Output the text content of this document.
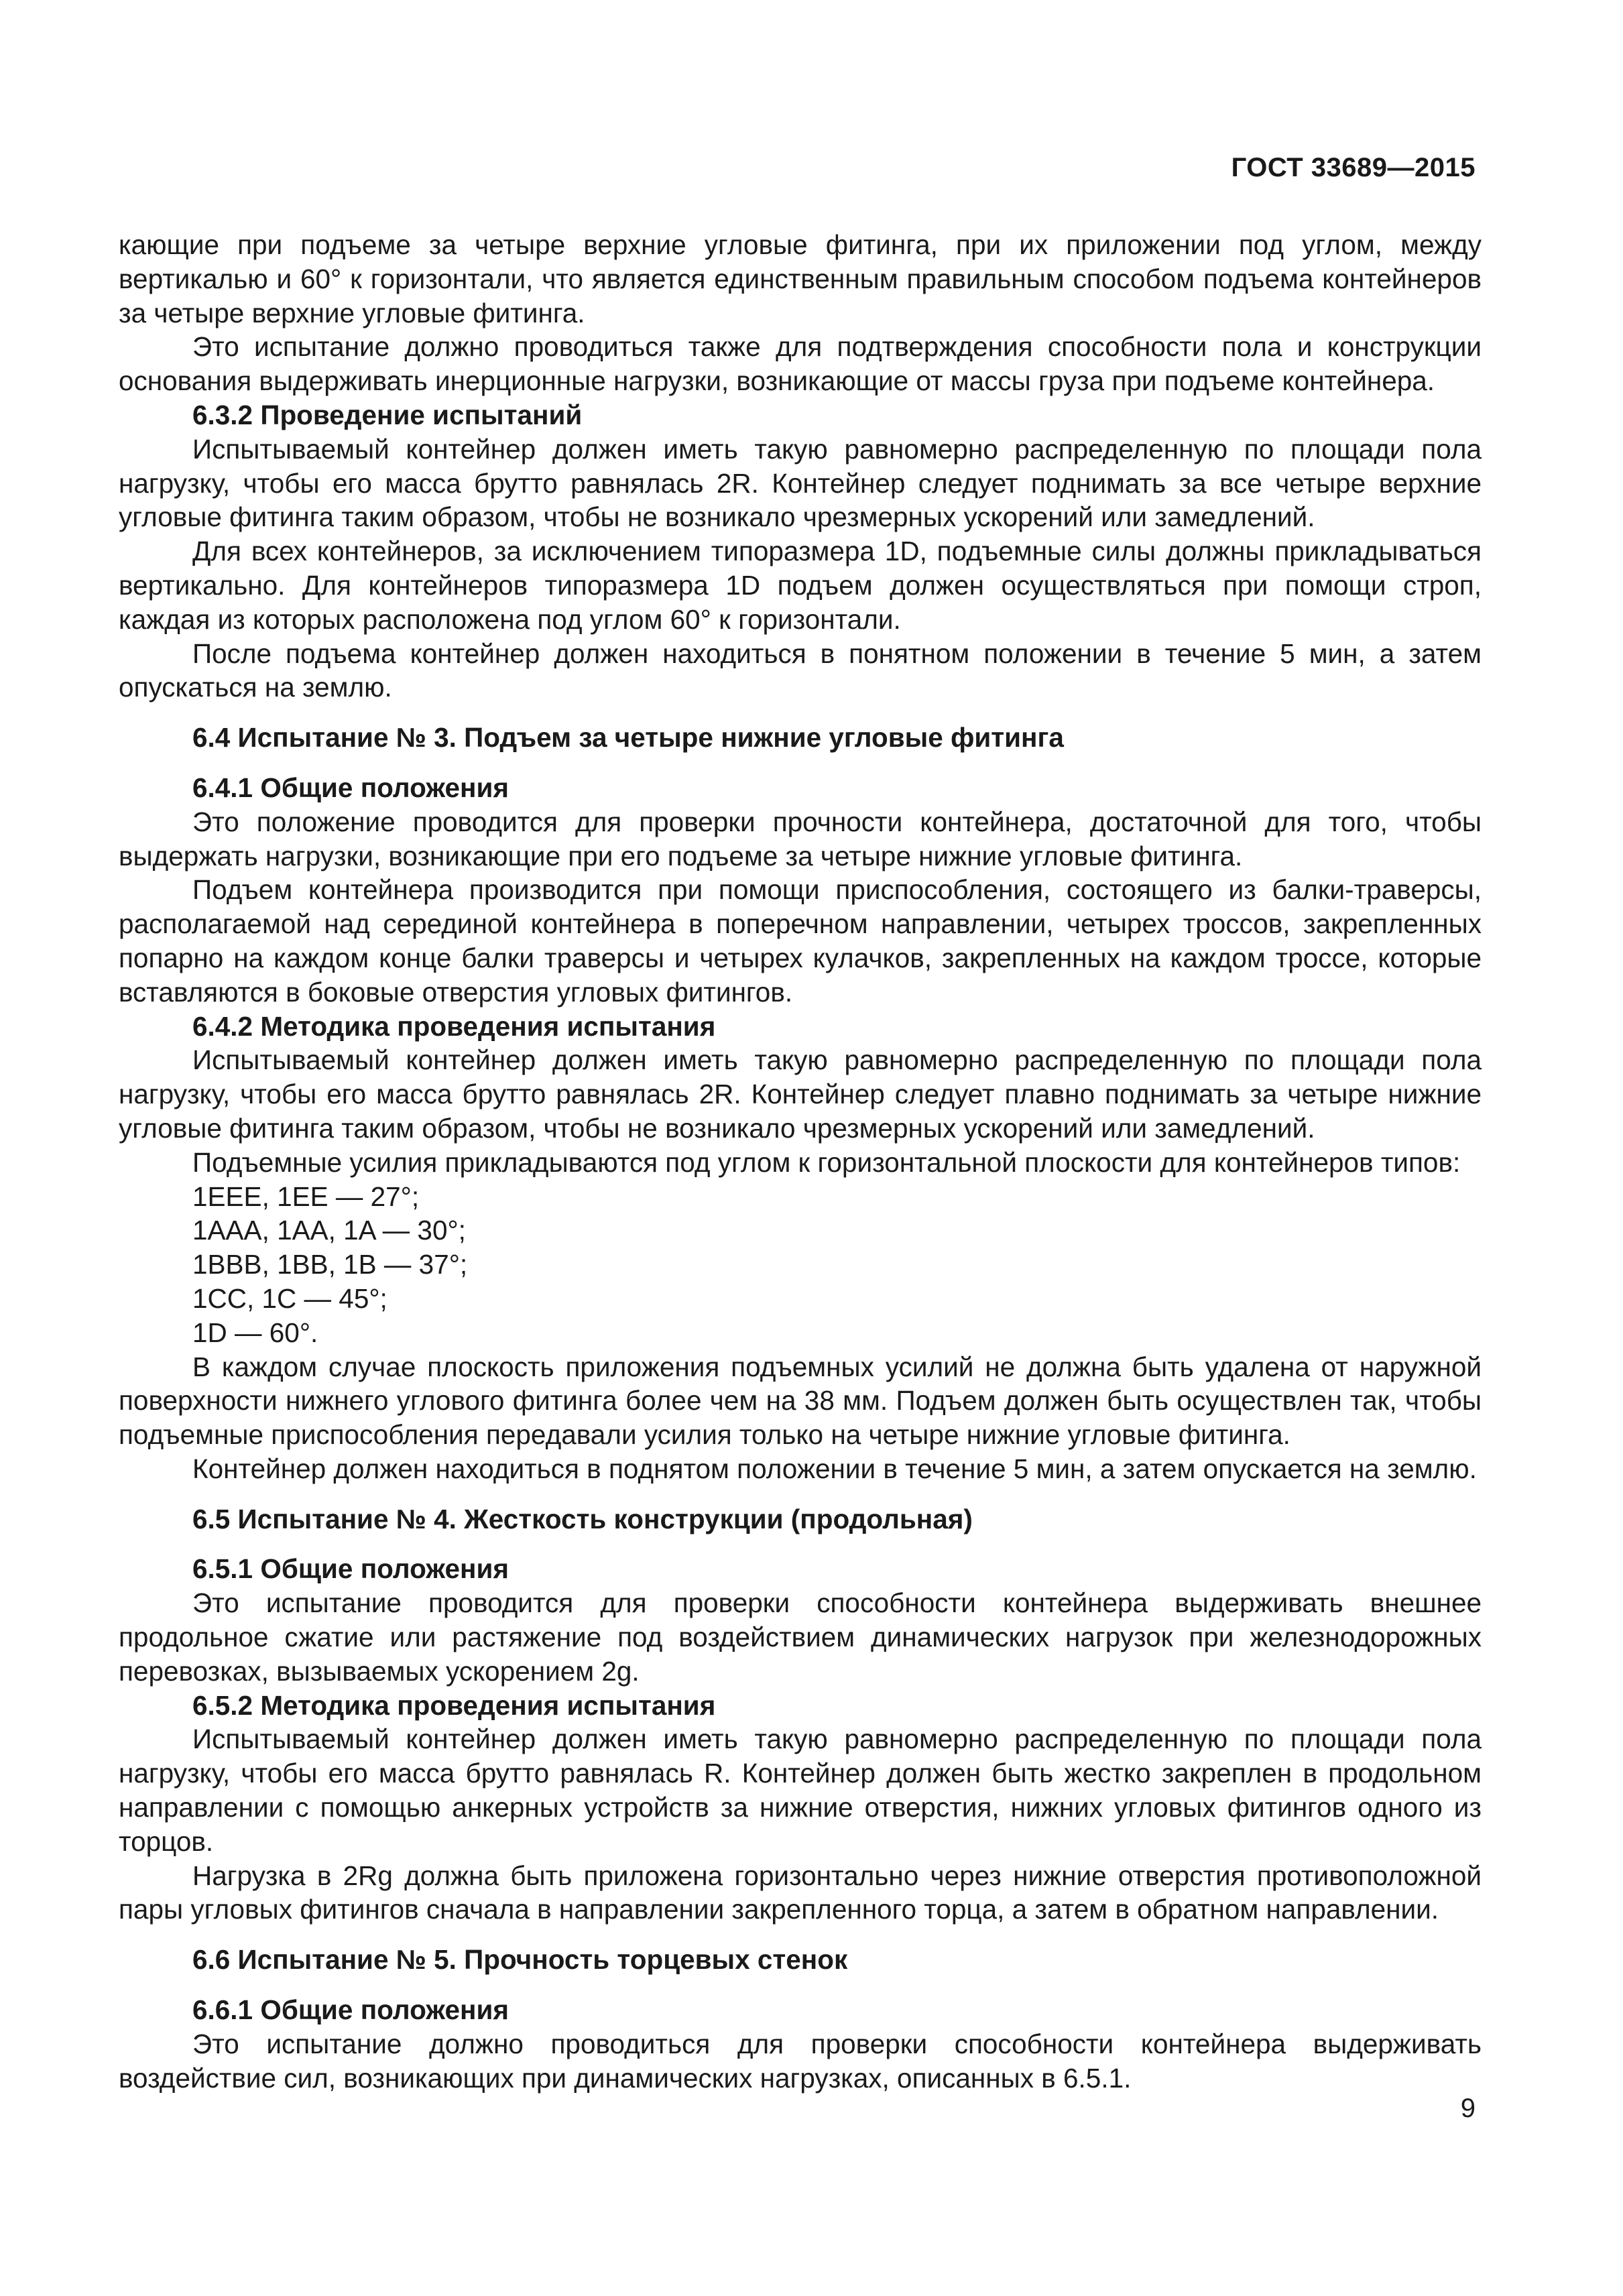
ГОСТ 33689—2015

кающие при подъеме за четыре верхние угловые фитинга, при их приложении под углом, между вертикалью и 60° к горизонтали, что является единственным правильным способом подъема контейнеров за четыре верхние угловые фитинга.

Это испытание должно проводиться также для подтверждения способности пола и конструкции основания выдерживать инерционные нагрузки, возникающие от массы груза при подъеме контейнера.

6.3.2 Проведение испытаний

Испытываемый контейнер должен иметь такую равномерно распределенную по площади пола нагрузку, чтобы его масса брутто равнялась 2R. Контейнер следует поднимать за все четыре верхние угловые фитинга таким образом, чтобы не возникало чрезмерных ускорений или замедлений.

Для всех контейнеров, за исключением типоразмера 1D, подъемные силы должны прикладываться вертикально. Для контейнеров типоразмера 1D подъем должен осуществляться при помощи строп, каждая из которых расположена под углом 60° к горизонтали.

После подъема контейнер должен находиться в понятном положении в течение 5 мин, а затем опускаться на землю.

6.4 Испытание № 3. Подъем за четыре нижние угловые фитинга

6.4.1 Общие положения

Это положение проводится для проверки прочности контейнера, достаточной для того, чтобы выдержать нагрузки, возникающие при его подъеме за четыре нижние угловые фитинга.

Подъем контейнера производится при помощи приспособления, состоящего из балки-траверсы, располагаемой над серединой контейнера в поперечном направлении, четырех троссов, закрепленных попарно на каждом конце балки траверсы и четырех кулачков, закрепленных на каждом троссе, которые вставляются в боковые отверстия угловых фитингов.

6.4.2 Методика проведения испытания

Испытываемый контейнер должен иметь такую равномерно распределенную по площади пола нагрузку, чтобы его масса брутто равнялась 2R. Контейнер следует плавно поднимать за четыре нижние угловые фитинга таким образом, чтобы не возникало чрезмерных ускорений или замедлений.

Подъемные усилия прикладываются под углом к горизонтальной плоскости для контейнеров типов:

1EEE, 1EE — 27°;

1AAA, 1AA, 1A — 30°;

1BBB, 1BB, 1B — 37°;

1CC, 1C — 45°;

1D — 60°.

В каждом случае плоскость приложения подъемных усилий не должна быть удалена от наружной поверхности нижнего углового фитинга более чем на 38 мм. Подъем должен быть осуществлен так, чтобы подъемные приспособления передавали усилия только на четыре нижние угловые фитинга.

Контейнер должен находиться в поднятом положении в течение 5 мин, а затем опускается на землю.

6.5 Испытание № 4. Жесткость конструкции (продольная)

6.5.1 Общие положения

Это испытание проводится для проверки способности контейнера выдерживать внешнее продольное сжатие или растяжение под воздействием динамических нагрузок при железнодорожных перевозках, вызываемых ускорением 2g.

6.5.2 Методика проведения испытания

Испытываемый контейнер должен иметь такую равномерно распределенную по площади пола нагрузку, чтобы его масса брутто равнялась R. Контейнер должен быть жестко закреплен в продольном направлении с помощью анкерных устройств за нижние отверстия, нижних угловых фитингов одного из торцов.

Нагрузка в 2Rg должна быть приложена горизонтально через нижние отверстия противоположной пары угловых фитингов сначала в направлении закрепленного торца, а затем в обратном направлении.

6.6 Испытание № 5. Прочность торцевых стенок

6.6.1 Общие положения

Это испытание должно проводиться для проверки способности контейнера выдерживать воздействие сил, возникающих при динамических нагрузках, описанных в 6.5.1.

9
